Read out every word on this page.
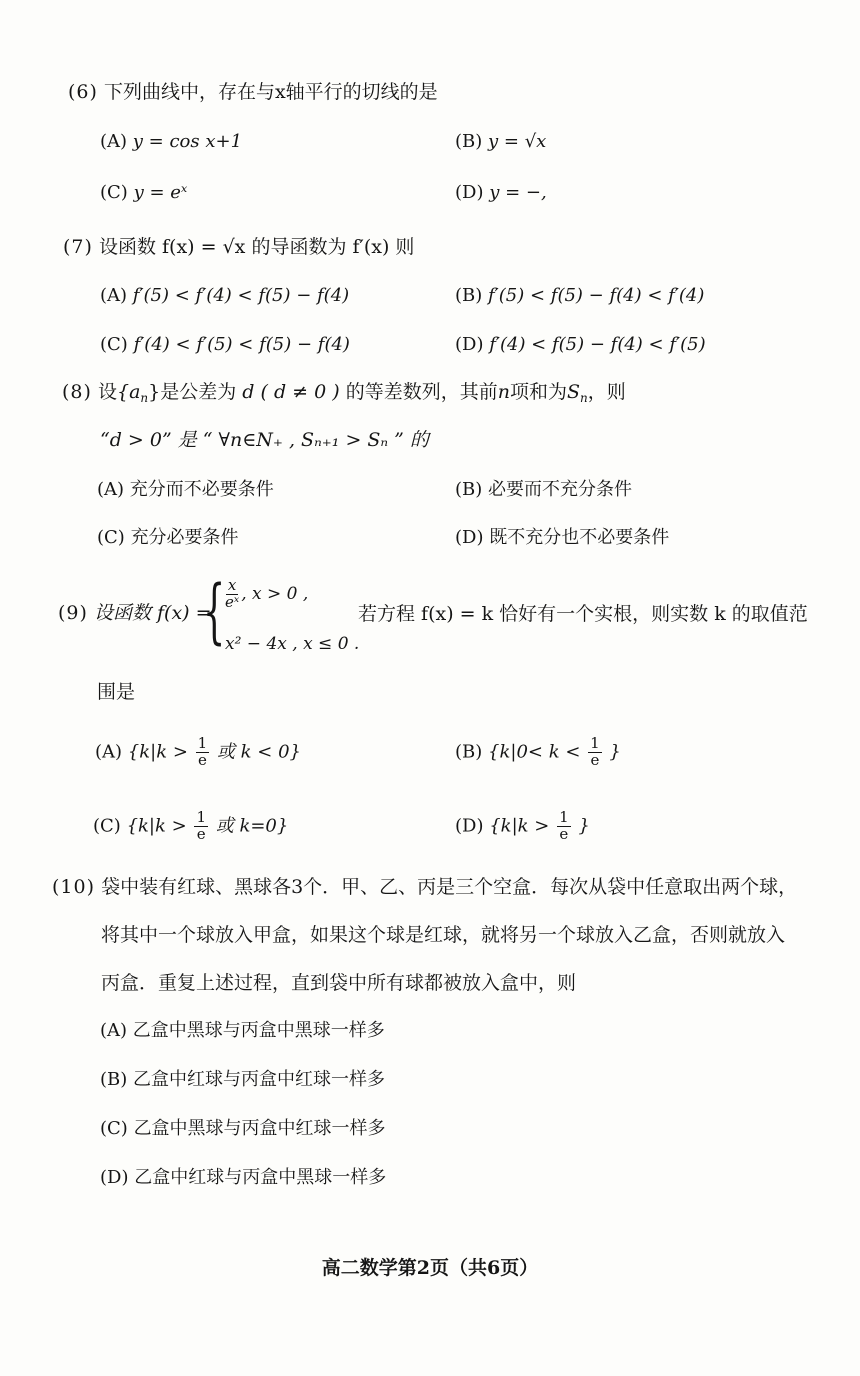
(6) 下列曲线中，存在与x轴平行的切线的是
(A) y = cos x+1	(B) y = √x
(C) y = eˣ	(D) y = −,
(7) 设函数 f(x) = √x 的导函数为 f′(x) 则
(A) f′(5) < f′(4) < f(5) − f(4)	(B) f′(5) < f(5) − f(4) < f′(4)
(C) f′(4) < f′(5) < f(5) − f(4)	(D) f′(4) < f(5) − f(4) < f′(5)
(8) 设$\{a_n\}$是公差为 d ( d ≠ 0 ) 的等差数列，其前n项和为$S_n$，则
“d > 0” 是 “ ∀n∈N₊ , Sₙ₊₁ > Sₙ ” 的
(A) 充分而不必要条件	(B) 必要而不充分条件
(C) 充分必要条件	(D) 既不充分也不必要条件
(9) 设函数 f(x) =
{ $\frac{x}{\text{eˣ}}$ , x > 0 ,
x² − 4x , x ≤ 0 .
若方程 f(x) = k 恰好有一个实根，则实数 k 的取值范
围是
(A) {$k|k > \frac{1}{e}$ 或 k < 0}	(B) {$k|0< k < \frac{1}{e}$ }
(C) {$k|k > \frac{1}{e}$ 或 k=0}	(D) {$k|k > \frac{1}{e}$ }
(10) 袋中装有红球、黑球各3个．甲、乙、丙是三个空盒．每次从袋中任意取出两个球，
将其中一个球放入甲盒，如果这个球是红球，就将另一个球放入乙盒，否则就放入
丙盒．重复上述过程，直到袋中所有球都被放入盒中，则
(A) 乙盒中黑球与丙盒中黑球一样多
(B) 乙盒中红球与丙盒中红球一样多
(C) 乙盒中黑球与丙盒中红球一样多
(D) 乙盒中红球与丙盒中黑球一样多
高二数学第2页（共6页）
